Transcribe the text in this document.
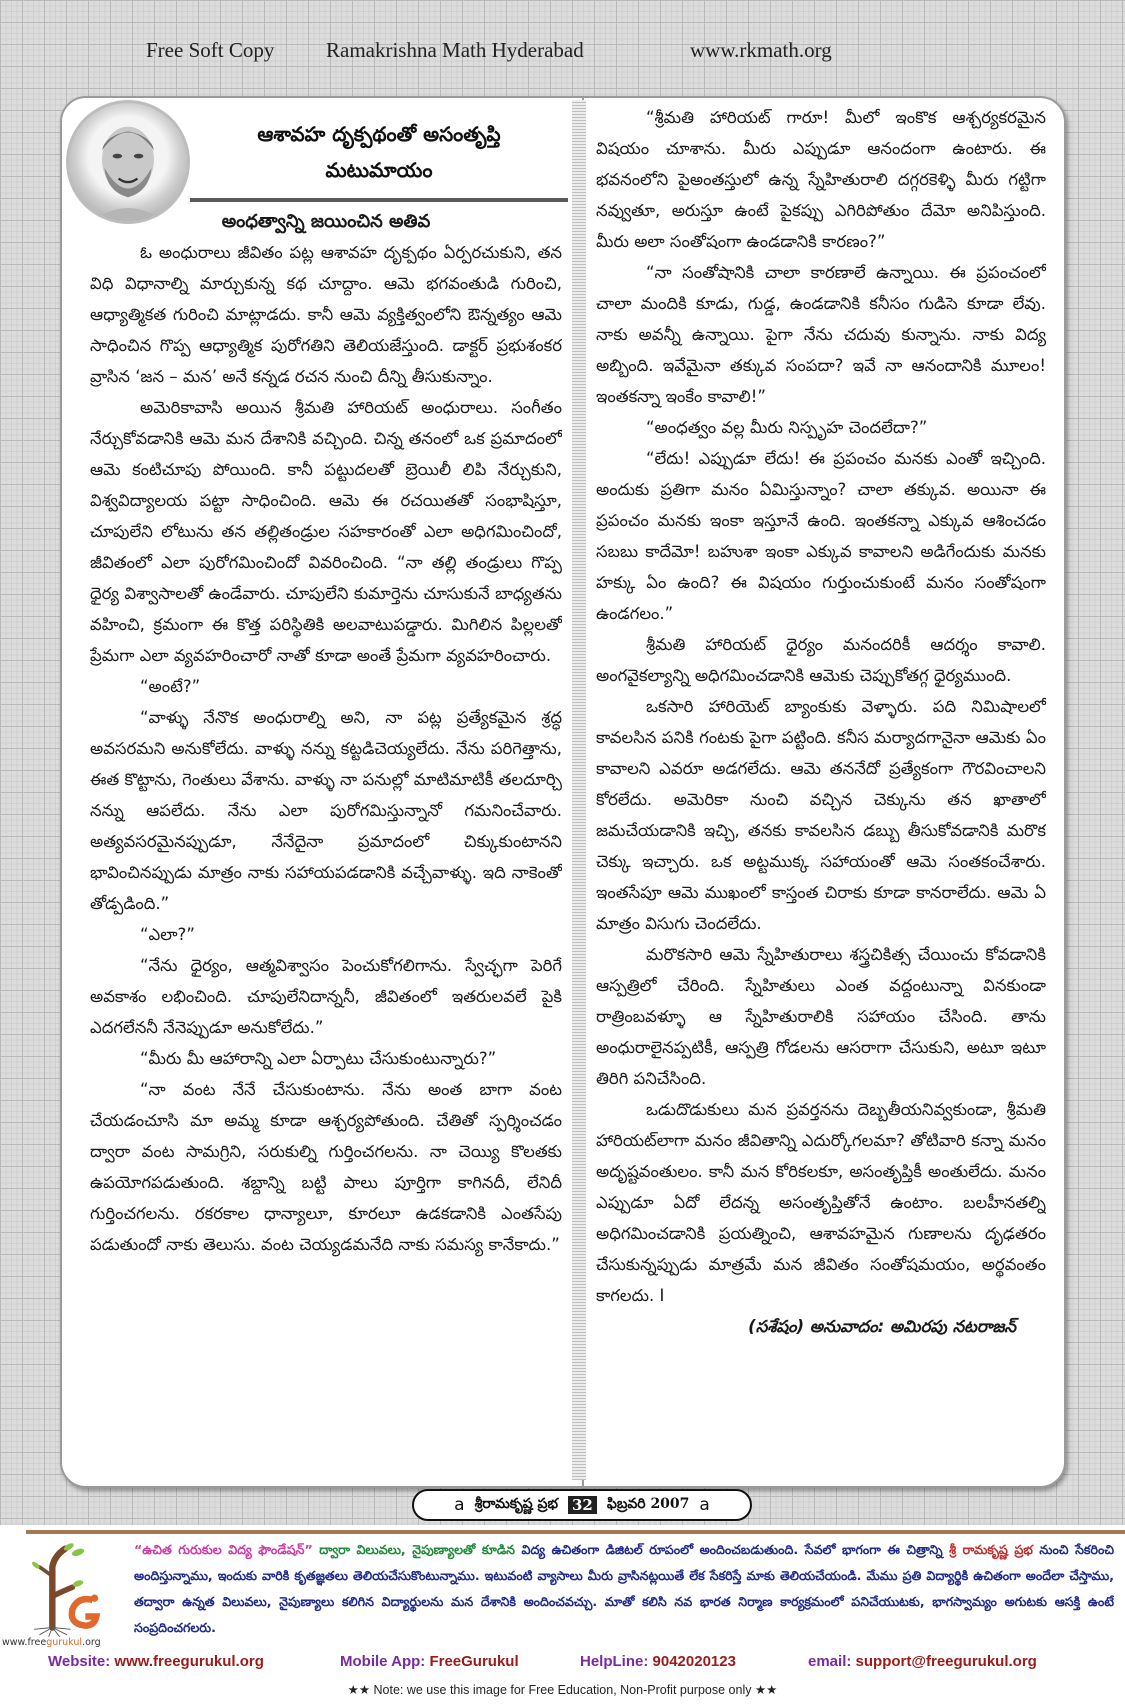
Free Soft Copy Ramakrishna Math Hyderabad	www.rkmath.org
ఆశావహ దృక్పథంతో అసంతృప్తి
మటుమాయం

అంధత్వాన్ని జయించిన అతివ

ఓ అంధురాలు జీవితం పట్ల ఆశావహ దృక్పథం ఏర్పరచుకుని, తన విధి విధానాల్ని మార్చుకున్న కథ చూద్దాం. ఆమె భగవంతుడి గురించి, ఆధ్యాత్మికత గురించి మాట్లాడదు. కానీ ఆమె వ్యక్తిత్వంలోని ఔన్నత్యం ఆమె సాధించిన గొప్ప ఆధ్యాత్మిక పురోగతిని తెలియజేస్తుంది. డాక్టర్ ప్రభుశంకర వ్రాసిన ‘జన – మన’ అనే కన్నడ రచన నుంచి దీన్ని తీసుకున్నాం.

అమెరికావాసి అయిన శ్రీమతి హారియట్ అంధురాలు. సంగీతం నేర్చుకోవడానికి ఆమె మన దేశానికి వచ్చింది. చిన్న తనంలో ఒక ప్రమాదంలో ఆమె కంటిచూపు పోయింది. కానీ పట్టుదలతో బ్రెయిలీ లిపి నేర్చుకుని, విశ్వవిద్యాలయ పట్టా సాధించింది. ఆమె ఈ రచయితతో సంభాషిస్తూ, చూపులేని లోటును తన తల్లితండ్రుల సహకారంతో ఎలా అధిగమించిందో, జీవితంలో ఎలా పురోగమించిందో వివరించింది. “నా తల్లి తండ్రులు గొప్ప ధైర్య విశ్వాసాలతో ఉండేవారు. చూపులేని కుమార్తెను చూసుకునే బాధ్యతను వహించి, క్రమంగా ఈ కొత్త పరిస్థితికి అలవాటుపడ్డారు. మిగిలిన పిల్లలతో ప్రేమగా ఎలా వ్యవహరించారో నాతో కూడా అంతే ప్రేమగా వ్యవహరించారు.

“అంటే?”

“వాళ్ళు నేనొక అంధురాల్ని అని, నా పట్ల ప్రత్యేకమైన శ్రద్ధ అవసరమని అనుకోలేదు. వాళ్ళు నన్ను కట్టడిచెయ్యలేదు. నేను పరిగెత్తాను, ఈత కొట్టాను, గెంతులు వేశాను. వాళ్ళు నా పనుల్లో మాటిమాటికీ తలదూర్చి నన్ను ఆపలేదు. నేను ఎలా పురోగమిస్తున్నానో గమనించేవారు. అత్యవసరమైనప్పుడూ, నేనేదైనా ప్రమాదంలో చిక్కుకుంటానని భావించినప్పుడు మాత్రం నాకు సహాయపడడానికి వచ్చేవాళ్ళు. ఇది నాకెంతో తోడ్పడింది.”

“ఎలా?”

“నేను ధైర్యం, ఆత్మవిశ్వాసం పెంచుకోగలిగాను. స్వేచ్ఛగా పెరిగే అవకాశం లభించింది. చూపులేనిదాన్ననీ, జీవితంలో ఇతరులవలే పైకి ఎదగలేననీ నేనెప్పుడూ అనుకోలేదు.”

“మీరు మీ ఆహారాన్ని ఎలా ఏర్పాటు చేసుకుంటున్నారు?”

“నా వంట నేనే చేసుకుంటాను. నేను అంత బాగా వంట చేయడంచూసి మా అమ్మ కూడా ఆశ్చర్యపోతుంది. చేతితో స్పర్శించడం ద్వారా వంట సామగ్రిని, సరుకుల్ని గుర్తించగలను. నా చెయ్యి కొలతకు ఉపయోగపడుతుంది. శబ్దాన్ని బట్టి పాలు పూర్తిగా కాగినదీ, లేనిదీ గుర్తించగలను. రకరకాల ధాన్యాలూ, కూరలూ ఉడకడానికి ఎంతసేపు పడుతుందో నాకు తెలుసు. వంట చెయ్యడమనేది నాకు సమస్య కానేకాదు.”

“శ్రీమతి హారియట్ గారూ! మీలో ఇంకొక ఆశ్చర్యకరమైన విషయం చూశాను. మీరు ఎప్పుడూ ఆనందంగా ఉంటారు. ఈ భవనంలోని పైఅంతస్తులో ఉన్న స్నేహితురాలి దగ్గరకెళ్ళి మీరు గట్టిగా నవ్వుతూ, అరుస్తూ ఉంటే పైకప్పు ఎగిరిపోతుం దేమో అనిపిస్తుంది. మీరు అలా సంతోషంగా ఉండడానికి కారణం?”

“నా సంతోషానికి చాలా కారణాలే ఉన్నాయి. ఈ ప్రపంచంలో చాలా మందికి కూడు, గుడ్డ, ఉండడానికి కనీసం గుడిసె కూడా లేవు. నాకు అవన్నీ ఉన్నాయి. పైగా నేను చదువు కున్నాను. నాకు విద్య అబ్బింది. ఇవేమైనా తక్కువ సంపదా? ఇవే నా ఆనందానికి మూలం! ఇంతకన్నా ఇంకేం కావాలి!”

“అంధత్వం వల్ల మీరు నిస్పృహ చెందలేదా?”

“లేదు! ఎప్పుడూ లేదు! ఈ ప్రపంచం మనకు ఎంతో ఇచ్చింది. అందుకు ప్రతిగా మనం ఏమిస్తున్నాం? చాలా తక్కువ. అయినా ఈ ప్రపంచం మనకు ఇంకా ఇస్తూనే ఉంది. ఇంతకన్నా ఎక్కువ ఆశించడం సబబు కాదేమో! బహుశా ఇంకా ఎక్కువ కావాలని అడిగేందుకు మనకు హక్కు ఏం ఉంది? ఈ విషయం గుర్తుంచుకుంటే మనం సంతోషంగా ఉండగలం.”

శ్రీమతి హారియట్ ధైర్యం మనందరికీ ఆదర్శం కావాలి. అంగవైకల్యాన్ని అధిగమించడానికి ఆమెకు చెప్పుకోతగ్గ ధైర్యముంది.

ఒకసారి హారియెట్ బ్యాంకుకు వెళ్ళారు. పది నిమిషాలలో కావలసిన పనికి గంటకు పైగా పట్టింది. కనీస మర్యాదగానైనా ఆమెకు ఏం కావాలని ఎవరూ అడగలేదు. ఆమె తననేదో ప్రత్యేకంగా గౌరవించాలని కోరలేదు. అమెరికా నుంచి వచ్చిన చెక్కును తన ఖాతాలో జమచేయడానికి ఇచ్చి, తనకు కావలసిన డబ్బు తీసుకోవడానికి మరొక చెక్కు ఇచ్చారు. ఒక అట్టముక్క సహాయంతో ఆమె సంతకంచేశారు. ఇంతసేపూ ఆమె ముఖంలో కాస్తంత చిరాకు కూడా కానరాలేదు. ఆమె ఏ మాత్రం విసుగు చెందలేదు.

మరొకసారి ఆమె స్నేహితురాలు శస్త్రచికిత్స చేయించు కోవడానికి ఆస్పత్రిలో చేరింది. స్నేహితులు ఎంత వద్దంటున్నా వినకుండా రాత్రింబవళ్ళూ ఆ స్నేహితురాలికి సహాయం చేసింది. తాను అంధురాలైనప్పటికీ, ఆస్పత్రి గోడలను ఆసరాగా చేసుకుని, అటూ ఇటూ తిరిగి పనిచేసింది.

ఒడుదొడుకులు మన ప్రవర్తనను దెబ్బతీయనివ్వకుండా, శ్రీమతి హారియట్‌లాగా మనం జీవితాన్ని ఎదుర్కోగలమా? తోటివారి కన్నా మనం అదృష్టవంతులం. కానీ మన కోరికలకూ, అసంతృప్తికీ అంతులేదు. మనం ఎప్పుడూ ఏదో లేదన్న అసంతృప్తితోనే ఉంటాం. బలహీనతల్ని అధిగమించడానికి ప్రయత్నించి, ఆశావహమైన గుణాలను దృఢతరం చేసుకున్నప్పుడు మాత్రమే మన జీవితం సంతోషమయం, అర్థవంతం కాగలదు. I

(సశేషం) అనువాదం: అమిరపు నటరాజన్

a శ్రీరామకృష్ణ ప్రభ 32 ఫిబ్రవరి 2007 a
www.freegurukul.org
“ఉచిత గురుకుల విద్య ఫౌండేషన్” ద్వారా విలువలు, నైపుణ్యాలతో కూడిన విద్య ఉచితంగా డిజిటల్ రూపంలో అందించబడుతుంది. సేవలో భాగంగా ఈ చిత్రాన్ని శ్రీ రామకృష్ణ ప్రభ నుంచి సేకరించి అందిస్తున్నాము, ఇందుకు వారికి కృతజ్ఞతలు తెలియచేసుకొంటున్నాము. ఇటువంటి వ్యాసాలు మీరు వ్రాసినట్లయితే లేక సేకరిస్తే మాకు తెలియచేయండి. మేము ప్రతి విద్యార్థికి ఉచితంగా అందేలా చేస్తాము, తద్వారా ఉన్నత విలువలు, నైపుణ్యాలు కలిగిన విద్యార్థులను మన దేశానికి అందించవచ్చు. మాతో కలిసి నవ భారత నిర్మాణ కార్యక్రమంలో పనిచేయుటకు, భాగస్వామ్యం అగుటకు ఆసక్తి ఉంటే సంప్రదించగలరు.
Website: www.freegurukul.org	Mobile App: FreeGurukul	HelpLine: 9042020123	email: support@freegurukul.org
★★ Note: we use this image for Free Education, Non-Profit purpose only ★★
